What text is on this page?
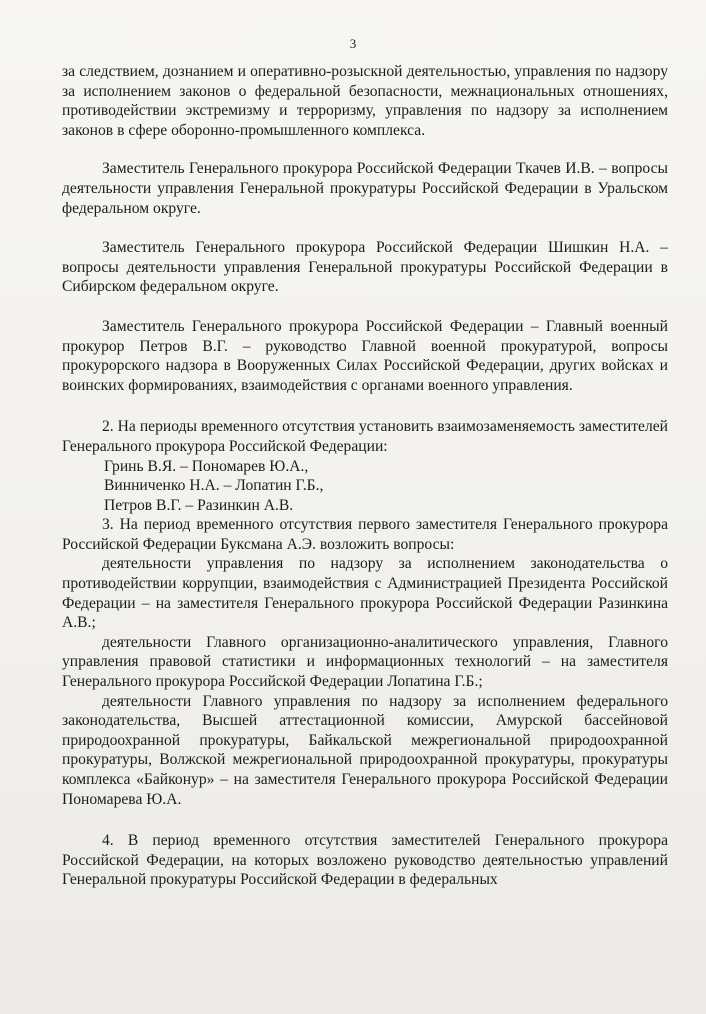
3

за следствием, дознанием и оперативно-розыскной деятельностью, управления по надзору за исполнением законов о федеральной безопасности, межнациональных отношениях, противодействии экстремизму и терроризму, управления по надзору за исполнением законов в сфере оборонно-промышленного комплекса.

Заместитель Генерального прокурора Российской Федерации Ткачев И.В. – вопросы деятельности управления Генеральной прокуратуры Российской Федерации в Уральском федеральном округе.

Заместитель Генерального прокурора Российской Федерации Шишкин Н.А. – вопросы деятельности управления Генеральной прокуратуры Российской Федерации в Сибирском федеральном округе.

Заместитель Генерального прокурора Российской Федерации – Главный военный прокурор Петров В.Г. – руководство Главной военной прокуратурой, вопросы прокурорского надзора в Вооруженных Силах Российской Федерации, других войсках и воинских формированиях, взаимодействия с органами военного управления.

2. На периоды временного отсутствия установить взаимозаменяемость заместителей Генерального прокурора Российской Федерации:

Гринь В.Я. – Пономарев Ю.А.,

Винниченко Н.А. – Лопатин Г.Б.,

Петров В.Г. – Разинкин А.В.

3. На период временного отсутствия первого заместителя Генерального прокурора Российской Федерации Буксмана А.Э. возложить вопросы:

деятельности управления по надзору за исполнением законодательства о противодействии коррупции, взаимодействия с Администрацией Президента Российской Федерации – на заместителя Генерального прокурора Российской Федерации Разинкина А.В.;

деятельности Главного организационно-аналитического управления, Главного управления правовой статистики и информационных технологий – на заместителя Генерального прокурора Российской Федерации Лопатина Г.Б.;

деятельности Главного управления по надзору за исполнением федерального законодательства, Высшей аттестационной комиссии, Амурской бассейновой природоохранной прокуратуры, Байкальской межрегиональной природоохранной прокуратуры, Волжской межрегиональной природоохранной прокуратуры, прокуратуры комплекса «Байконур» – на заместителя Генерального прокурора Российской Федерации Пономарева Ю.А.

4. В период временного отсутствия заместителей Генерального прокурора Российской Федерации, на которых возложено руководство деятельностью управлений Генеральной прокуратуры Российской Федерации в федеральных
